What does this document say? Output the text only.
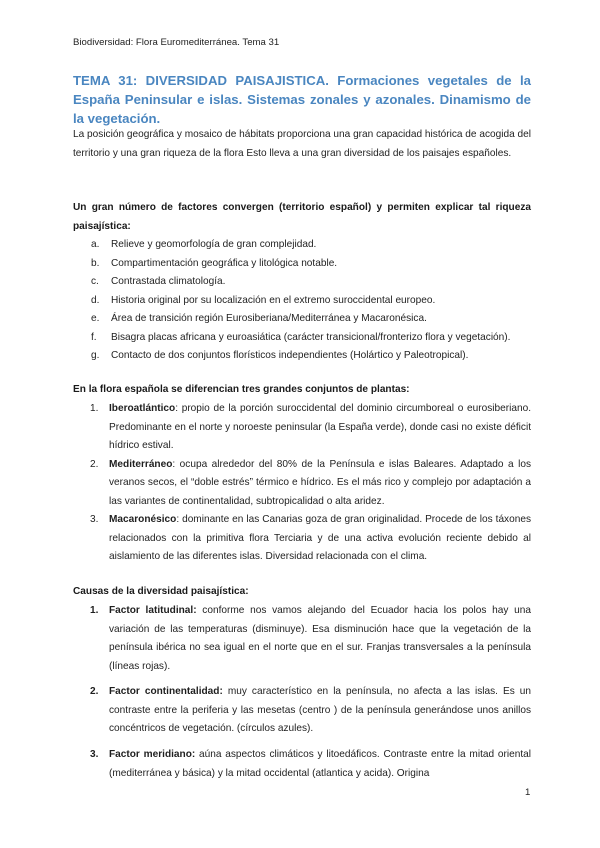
Biodiversidad: Flora Euromediterránea. Tema 31
TEMA 31: DIVERSIDAD PAISAJISTICA. Formaciones vegetales de la España Peninsular e islas. Sistemas zonales y azonales. Dinamismo de la vegetación.

La posición geográfica y mosaico de hábitats proporciona una gran capacidad histórica de acogida del territorio y una gran riqueza de la flora Esto lleva a una gran diversidad de los paisajes españoles.

Un gran número de factores convergen (territorio español) y permiten explicar tal riqueza paisajística:

a. Relieve y geomorfología de gran complejidad.
b. Compartimentación geográfica y litológica notable.
c. Contrastada climatología.
d. Historia original por su localización en el extremo suroccidental europeo.
e. Área de transición región Eurosiberiana/Mediterránea y Macaronésica.
f. Bisagra placas africana y euroasiática (carácter transicional/fronterizo flora y vegetación).
g. Contacto de dos conjuntos florísticos independientes (Holártico y Paleotropical).

En la flora española se diferencian tres grandes conjuntos de plantas:

1. Iberoatlántico: propio de la porción suroccidental del dominio circumboreal o eurosiberiano. Predominante en el norte y noroeste peninsular (la España verde), donde casi no existe déficit hídrico estival.
2. Mediterráneo: ocupa alrededor del 80% de la Península e islas Baleares. Adaptado a los veranos secos, el “doble estrés” térmico e hídrico. Es el más rico y complejo por adaptación a las variantes de continentalidad, subtropicalidad o alta aridez.
3. Macaronésico: dominante en las Canarias goza de gran originalidad. Procede de los táxones relacionados con la primitiva flora Terciaria y de una activa evolución reciente debido al aislamiento de las diferentes islas. Diversidad relacionada con el clima.

Causas de la diversidad paisajística:

1. Factor latitudinal: conforme nos vamos alejando del Ecuador hacia los polos hay una variación de las temperaturas (disminuye). Esa disminución hace que la vegetación de la península ibérica no sea igual en el norte que en el sur. Franjas transversales a la península (líneas rojas).
2. Factor continentalidad: muy característico en la península, no afecta a las islas. Es un contraste entre la periferia y las mesetas (centro ) de la península generándose unos anillos concéntricos de vegetación. (círculos azules).
3. Factor meridiano: aúna aspectos climáticos y litoedáficos. Contraste entre la mitad oriental (mediterránea y básica) y la mitad occidental (atlantica y acida). Origina
1
